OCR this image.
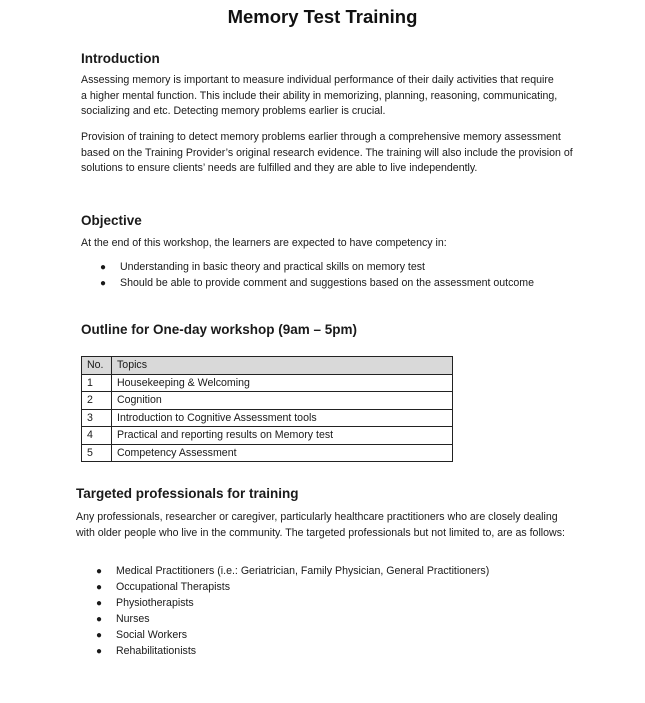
Memory Test Training
Introduction

Assessing memory is important to measure individual performance of their daily activities that require a higher mental function. This include their ability in memorizing, planning, reasoning, communicating, socializing and etc. Detecting memory problems earlier is crucial.

Provision of training to detect memory problems earlier through a comprehensive memory assessment based on the Training Provider’s original research evidence. The training will also include the provision of solutions to ensure clients’ needs are fulfilled and they are able to live independently.

Objective

At the end of this workshop, the learners are expected to have competency in:

● Understanding in basic theory and practical skills on memory test
● Should be able to provide comment and suggestions based on the assessment outcome
Outline for One-day workshop (9am – 5pm)
No.	Topics
1	Housekeeping & Welcoming
2	Cognition
3	Introduction to Cognitive Assessment tools
4	Practical and reporting results on Memory test
5	Competency Assessment
Targeted professionals for training

Any professionals, researcher or caregiver, particularly healthcare practitioners who are closely dealing with older people who live in the community. The targeted professionals but not limited to, are as follows:

● Medical Practitioners (i.e.: Geriatrician, Family Physician, General Practitioners)
● Occupational Therapists
● Physiotherapists
● Nurses
● Social Workers
● Rehabilitationists
